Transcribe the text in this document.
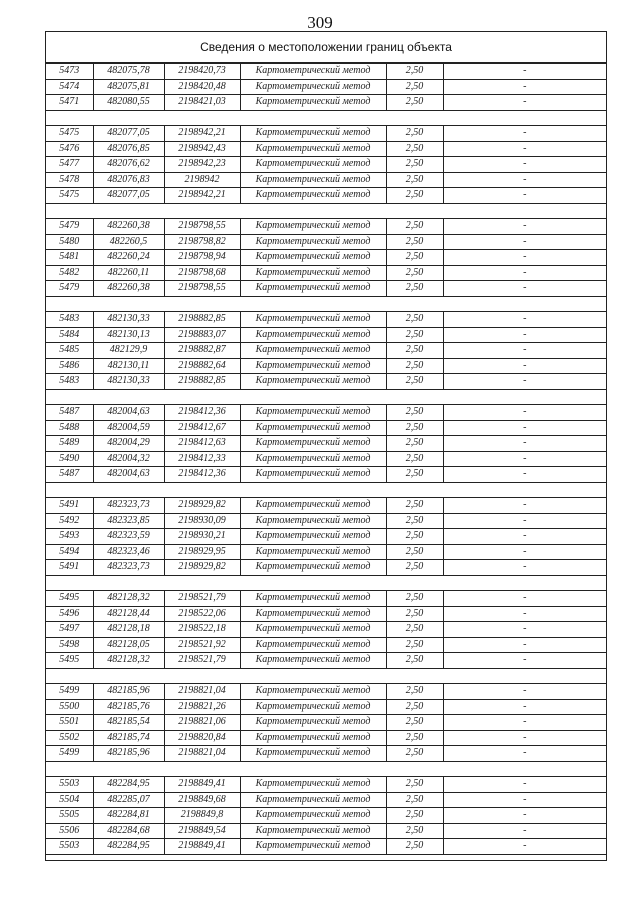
309
Сведения о местоположении границ объекта
5473	482075,78	2198420,73	Картометрический метод	2,50	-
5474	482075,81	2198420,48	Картометрический метод	2,50	-
5471	482080,55	2198421,03	Картометрический метод	2,50	-

5475	482077,05	2198942,21	Картометрический метод	2,50	-
5476	482076,85	2198942,43	Картометрический метод	2,50	-
5477	482076,62	2198942,23	Картометрический метод	2,50	-
5478	482076,83	2198942	Картометрический метод	2,50	-
5475	482077,05	2198942,21	Картометрический метод	2,50	-

5479	482260,38	2198798,55	Картометрический метод	2,50	-
5480	482260,5	2198798,82	Картометрический метод	2,50	-
5481	482260,24	2198798,94	Картометрический метод	2,50	-
5482	482260,11	2198798,68	Картометрический метод	2,50	-
5479	482260,38	2198798,55	Картометрический метод	2,50	-

5483	482130,33	2198882,85	Картометрический метод	2,50	-
5484	482130,13	2198883,07	Картометрический метод	2,50	-
5485	482129,9	2198882,87	Картометрический метод	2,50	-
5486	482130,11	2198882,64	Картометрический метод	2,50	-
5483	482130,33	2198882,85	Картометрический метод	2,50	-

5487	482004,63	2198412,36	Картометрический метод	2,50	-
5488	482004,59	2198412,67	Картометрический метод	2,50	-
5489	482004,29	2198412,63	Картометрический метод	2,50	-
5490	482004,32	2198412,33	Картометрический метод	2,50	-
5487	482004,63	2198412,36	Картометрический метод	2,50	-

5491	482323,73	2198929,82	Картометрический метод	2,50	-
5492	482323,85	2198930,09	Картометрический метод	2,50	-
5493	482323,59	2198930,21	Картометрический метод	2,50	-
5494	482323,46	2198929,95	Картометрический метод	2,50	-
5491	482323,73	2198929,82	Картометрический метод	2,50	-

5495	482128,32	2198521,79	Картометрический метод	2,50	-
5496	482128,44	2198522,06	Картометрический метод	2,50	-
5497	482128,18	2198522,18	Картометрический метод	2,50	-
5498	482128,05	2198521,92	Картометрический метод	2,50	-
5495	482128,32	2198521,79	Картометрический метод	2,50	-

5499	482185,96	2198821,04	Картометрический метод	2,50	-
5500	482185,76	2198821,26	Картометрический метод	2,50	-
5501	482185,54	2198821,06	Картометрический метод	2,50	-
5502	482185,74	2198820,84	Картометрический метод	2,50	-
5499	482185,96	2198821,04	Картометрический метод	2,50	-

5503	482284,95	2198849,41	Картометрический метод	2,50	-
5504	482285,07	2198849,68	Картометрический метод	2,50	-
5505	482284,81	2198849,8	Картометрический метод	2,50	-
5506	482284,68	2198849,54	Картометрический метод	2,50	-
5503	482284,95	2198849,41	Картометрический метод	2,50	-
